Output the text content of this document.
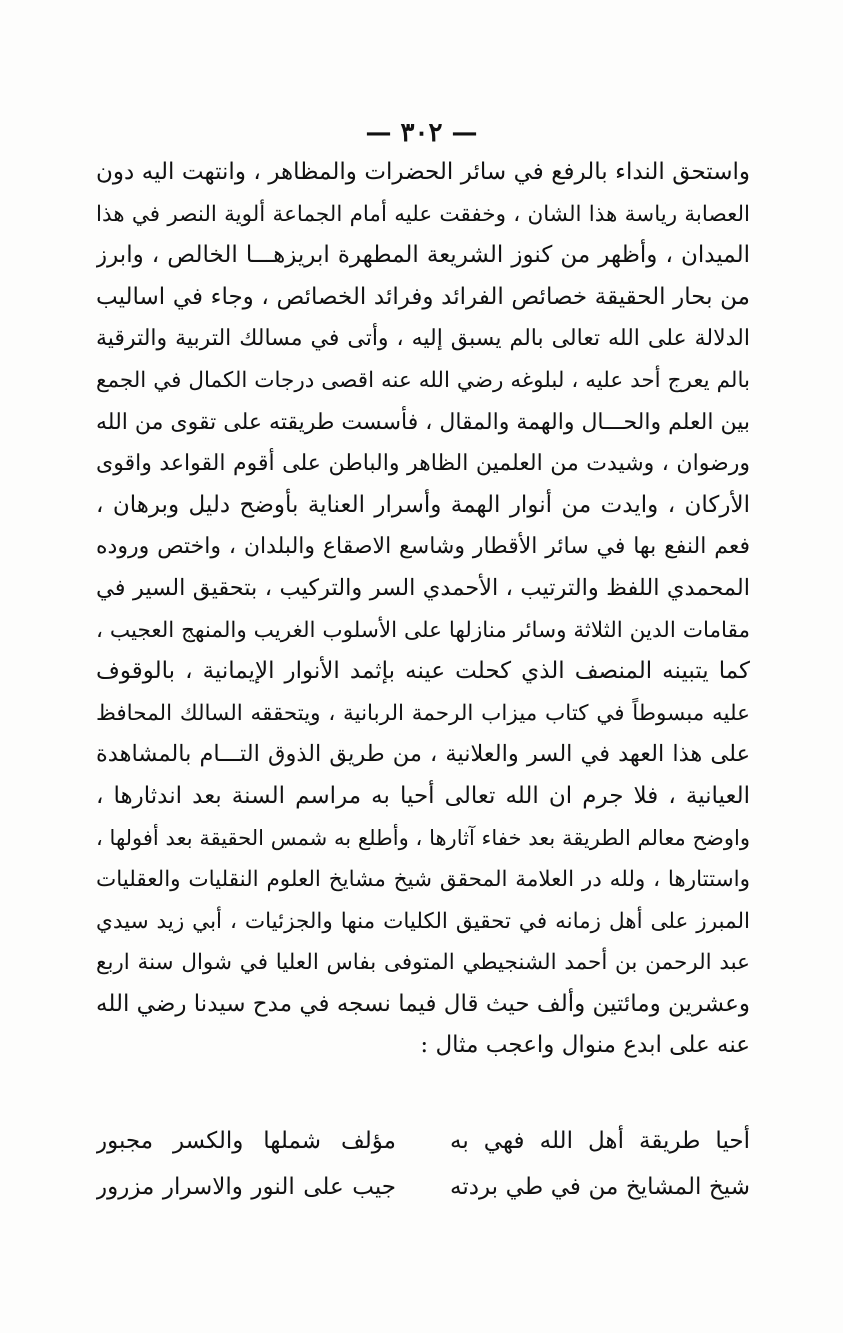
— ٣٠٢ —
واستحق النداء بالرفع في سائر الحضرات والمظاهر ، وانتهت اليه دون
العصابة رياسة هذا الشان ، وخفقت عليه أمام الجماعة ألوية النصر في هذا
الميدان ، وأظهر من كنوز الشريعة المطهرة ابريزهـــا الخالص ، وابرز
من بحار الحقيقة خصائص الفرائد وفرائد الخصائص ، وجاء في اساليب
الدلالة على الله تعالى بالم يسبق إليه ، وأتى في مسالك التربية والترقية
بالم يعرج أحد عليه ، لبلوغه رضي الله عنه اقصى درجات الكمال في الجمع
بين العلم والحـــال والهمة والمقال ، فأسست طريقته على تقوى من الله
ورضوان ، وشيدت من العلمين الظاهر والباطن على أقوم القواعد واقوى
الأركان ، وايدت من أنوار الهمة وأسرار العناية بأوضح دليل وبرهان ،
فعم النفع بها في سائر الأقطار وشاسع الاصقاع والبلدان ، واختص وروده
المحمدي اللفظ والترتيب ، الأحمدي السر والتركيب ، بتحقيق السير في
مقامات الدين الثلاثة وسائر منازلها على الأسلوب الغريب والمنهج العجيب ،
كما يتبينه المنصف الذي كحلت عينه بإثمد الأنوار الإيمانية ، بالوقوف
عليه مبسوطاً في كتاب ميزاب الرحمة الربانية ، ويتحققه السالك المحافظ
على هذا العهد في السر والعلانية ، من طريق الذوق التـــام بالمشاهدة
العيانية ، فلا جرم ان الله تعالى أحيا به مراسم السنة بعد اندثارها ،
واوضح معالم الطريقة بعد خفاء آثارها ، وأطلع به شمس الحقيقة بعد أفولها ،
واستتارها ، ولله در العلامة المحقق شيخ مشايخ العلوم النقليات والعقليات
المبرز على أهل زمانه في تحقيق الكليات منها والجزئيات ، أبي زيد سيدي
عبد الرحمن بن أحمد الشنجيطي المتوفى بفاس العليا في شوال سنة اربع
وعشرين ومائتين وألف حيث قال فيما نسجه في مدح سيدنا رضي الله
عنه على ابدع منوال واعجب مثال :
أحيا طريقة أهل الله فهي به
مؤلف شملها والكسر مجبور
شيخ المشايخ من في طي بردته
جيب على النور والاسرار مزرور
